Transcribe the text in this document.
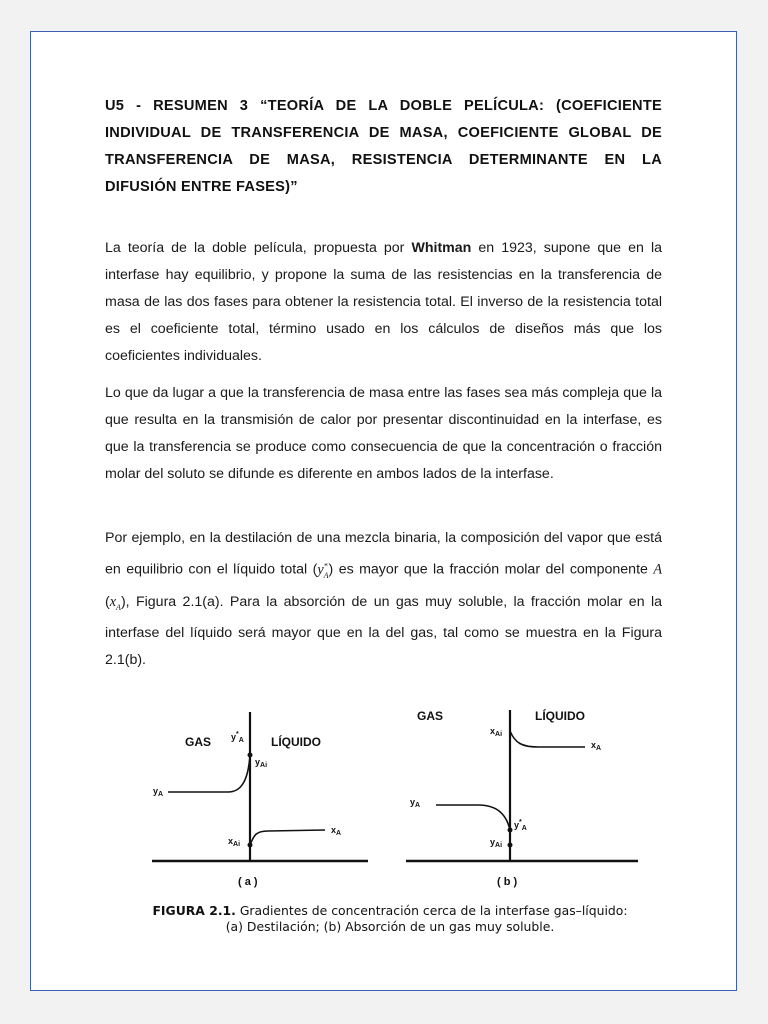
U5 - RESUMEN 3 “TEORÍA DE LA DOBLE PELÍCULA: (COEFICIENTE INDIVIDUAL DE TRANSFERENCIA DE MASA, COEFICIENTE GLOBAL DE TRANSFERENCIA DE MASA, RESISTENCIA DETERMINANTE EN LA DIFUSIÓN ENTRE FASES)”

La teoría de la doble película, propuesta por Whitman en 1923, supone que en la interfase hay equilibrio, y propone la suma de las resistencias en la transferencia de masa de las dos fases para obtener la resistencia total. El inverso de la resistencia total es el coeficiente total, término usado en los cálculos de diseños más que los coeficientes individuales.

Lo que da lugar a que la transferencia de masa entre las fases sea más compleja que la que resulta en la transmisión de calor por presentar discontinuidad en la interfase, es que la transferencia se produce como consecuencia de que la concentración o fracción molar del soluto se difunde es diferente en ambos lados de la interfase.

Por ejemplo, en la destilación de una mezcla binaria, la composición del vapor que está en equilibrio con el líquido total $(y^*_A)$ es mayor que la fracción molar del componente A $(x_A)$, Figura 2.1(a). Para la absorción de un gas muy soluble, la fracción molar en la interfase del líquido será mayor que en la del gas, tal como se muestra en la Figura 2.1(b).

GAS	LÍQUIDO
$y^*_A$
$y_{Ai}$
$y_A$
$x_{Ai}$
$x_A$
( a )
GAS	LÍQUIDO
$x_{Ai}$
$x_A$
$y_A$
$y^*_A$
$y_{Ai}$
( b )
FIGURA 2.1. Gradientes de concentración cerca de la interfase gas–líquido:
(a) Destilación; (b) Absorción de un gas muy soluble.
